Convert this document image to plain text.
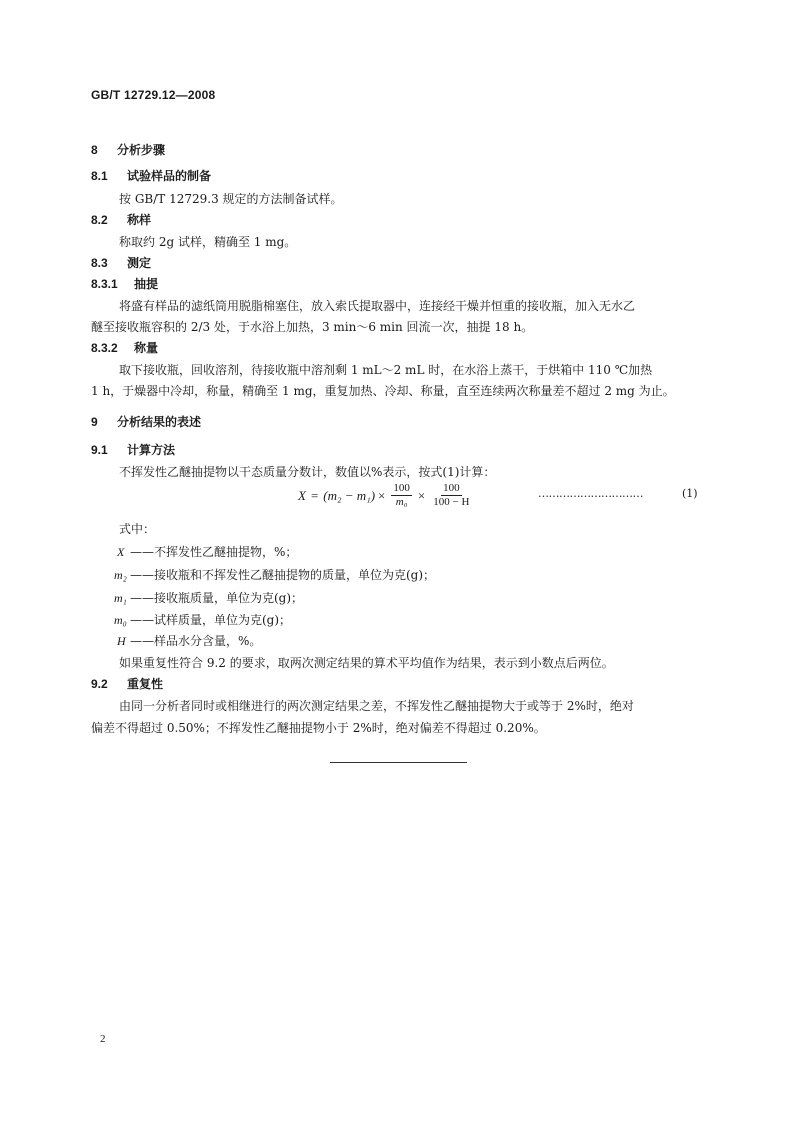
GB/T 12729.12—2008
8 分析步骤
8.1 试验样品的制备
按 GB/T 12729.3 规定的方法制备试样。
8.2 称样
称取约 2g 试样，精确至 1 mg。
8.3 测定
8.3.1 抽提
将盛有样品的滤纸筒用脱脂棉塞住，放入索氏提取器中，连接经干燥并恒重的接收瓶，加入无水乙
醚至接收瓶容积的 2/3 处，于水浴上加热，3 min～6 min 回流一次，抽提 18 h。
8.3.2 称量
取下接收瓶，回收溶剂，待接收瓶中溶剂剩 1 mL～2 mL 时，在水浴上蒸干，于烘箱中 110 ℃加热
1 h，于燥器中冷却，称量，精确至 1 mg，重复加热、冷却、称量，直至连续两次称量差不超过 2 mg 为止。
9 分析结果的表述
9.1 计算方法
不挥发性乙醚抽提物以干态质量分数计，数值以%表示，按式(1)计算：
$X = (m_2 - m_1) \times \frac{100}{\text{m₀}} \times \frac{100}{100 - H}$	…………………………	(1)
式中：
X ——不挥发性乙醚抽提物，%；
m₂ ——接收瓶和不挥发性乙醚抽提物的质量，单位为克(g)；
m₁ ——接收瓶质量，单位为克(g)；
m₀ ——试样质量，单位为克(g)；
H ——样品水分含量，%。
如果重复性符合 9.2 的要求，取两次测定结果的算术平均值作为结果，表示到小数点后两位。
9.2 重复性
由同一分析者同时或相继进行的两次测定结果之差，不挥发性乙醚抽提物大于或等于 2%时，绝对
偏差不得超过 0.50%；不挥发性乙醚抽提物小于 2%时，绝对偏差不得超过 0.20%。
2
